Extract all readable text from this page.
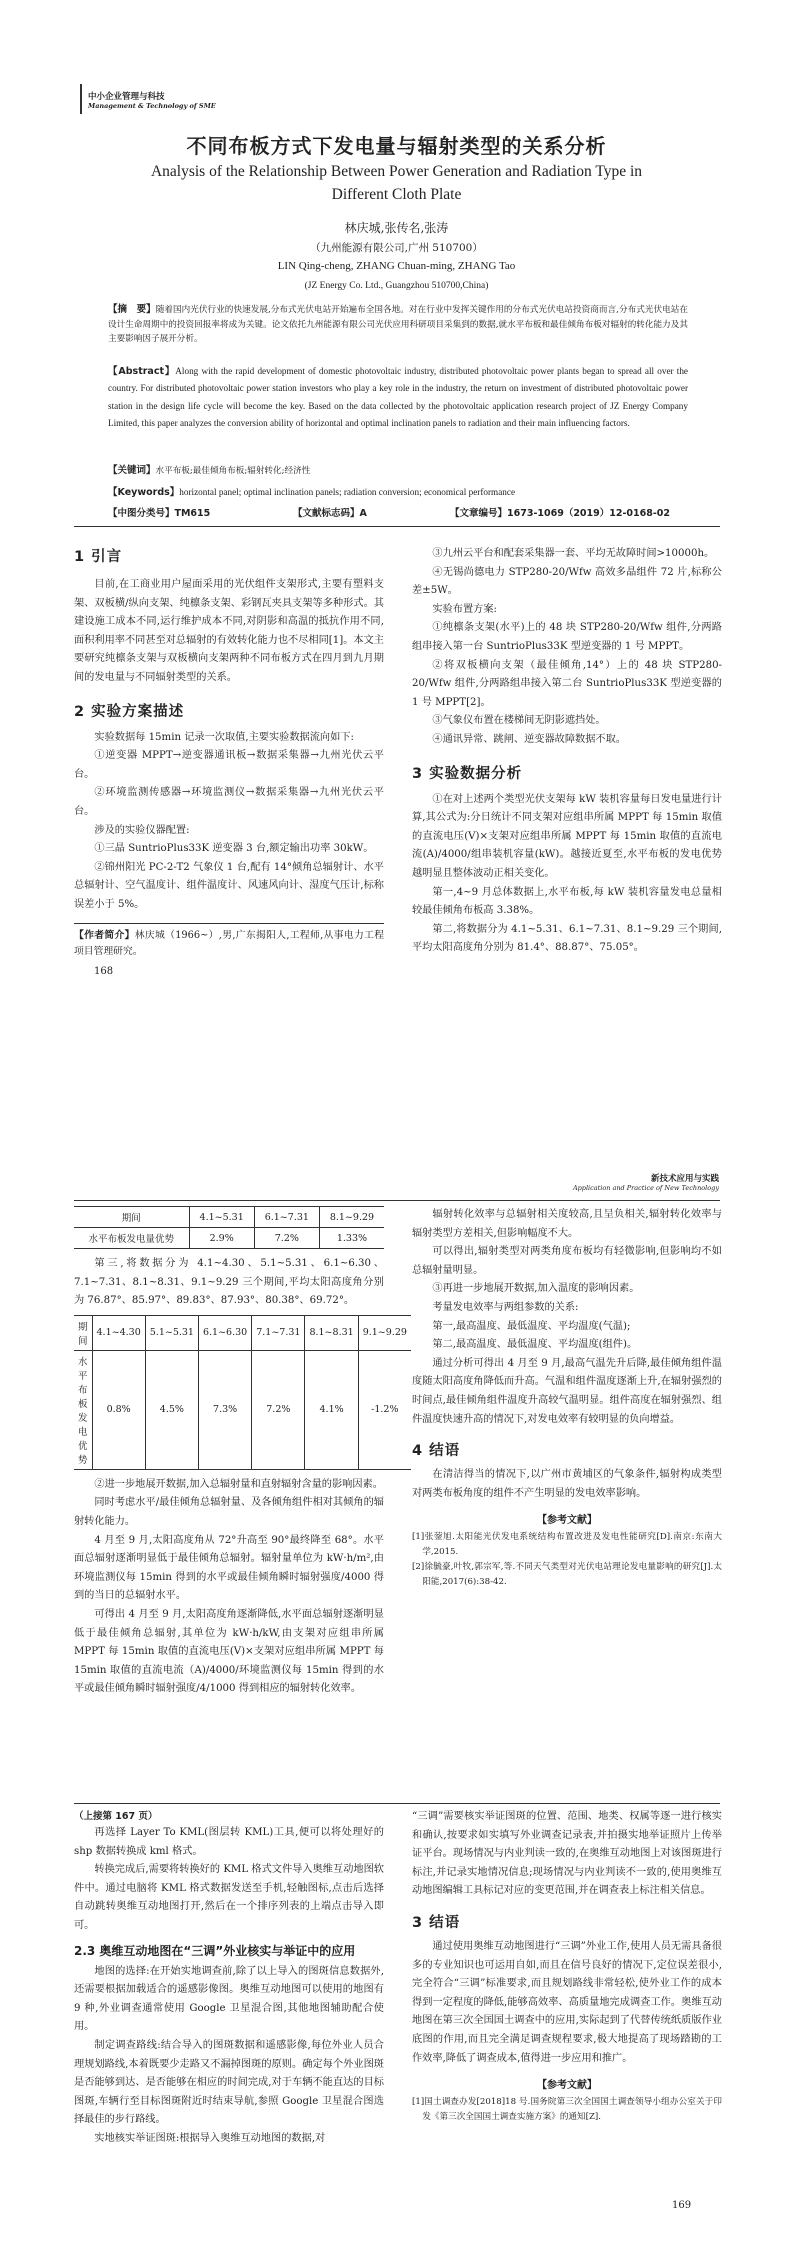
中小企业管理与科技
Management & Technology of SME
不同布板方式下发电量与辐射类型的关系分析
Analysis of the Relationship Between Power Generation and Radiation Type in
Different Cloth Plate
林庆城,张传名,张涛
（九州能源有限公司,广州 510700）
LIN Qing-cheng, ZHANG Chuan-ming, ZHANG Tao
(JZ Energy Co. Ltd., Guangzhou 510700,China)
【摘　要】随着国内光伏行业的快速发展,分布式光伏电站开始遍布全国各地。对在行业中发挥关键作用的分布式光伏电站投资商而言,分布式光伏电站在设计生命周期中的投资回报率将成为关键。论文依托九州能源有限公司光伏应用科研项目采集到的数据,就水平布板和最佳倾角布板对辐射的转化能力及其主要影响因子展开分析。
【Abstract】Along with the rapid development of domestic photovoltaic industry, distributed photovoltaic power plants began to spread all over the country. For distributed photovoltaic power station investors who play a key role in the industry, the return on investment of distributed photovoltaic power station in the design life cycle will become the key. Based on the data collected by the photovoltaic application research project of JZ Energy Company Limited, this paper analyzes the conversion ability of horizontal and optimal inclination panels to radiation and their main influencing factors.
【关键词】水平布板;最佳倾角布板;辐射转化;经济性
【Keywords】horizontal panel; optimal inclination panels; radiation conversion; economical performance
【中图分类号】TM615	【文献标志码】A	【文章编号】1673-1069（2019）12-0168-02
1 引言

目前,在工商业用户屋面采用的光伏组件支架形式,主要有塑料支架、双板横/纵向支架、纯檩条支架、彩钢瓦夹具支架等多种形式。其建设施工成本不同,运行维护成本不同,对阴影和高温的抵抗作用不同,面积利用率不同甚至对总辐射的有效转化能力也不尽相同[1]。本文主要研究纯檩条支架与双板横向支架两种不同布板方式在四月到九月期间的发电量与不同辐射类型的关系。

2 实验方案描述

实验数据每 15min 记录一次取值,主要实验数据流向如下:

①逆变器 MPPT→逆变器通讯板→数据采集器→九州光伏云平台。

②环境监测传感器→环境监测仪→数据采集器→九州光伏云平台。

涉及的实验仪器配置:

①三晶 SuntrioPlus33K 逆变器 3 台,额定输出功率 30kW。

②锦州阳光 PC-2-T2 气象仪 1 台,配有 14°倾角总辐射计、水平总辐射计、空气温度计、组件温度计、风速风向计、湿度气压计,标称误差小于 5%。

【作者简介】林庆城（1966~）,男,广东揭阳人,工程师,从事电力工程项目管理研究。

168

③九州云平台和配套采集器一套、平均无故障时间>10000h。

④无锡尚德电力 STP280-20/Wfw 高效多晶组件 72 片,标称公差±5W。

实验布置方案:

①纯檩条支架(水平)上的 48 块 STP280-20/Wfw 组件,分两路组串接入第一台 SuntrioPlus33K 型逆变器的 1 号 MPPT。

②将双板横向支架（最佳倾角,14°）上的 48 块 STP280-20/Wfw 组件,分两路组串接入第二台 SuntrioPlus33K 型逆变器的 1 号 MPPT[2]。

③气象仪布置在楼梯间无阴影遮挡处。

④通讯异常、跳闸、逆变器故障数据不取。

3 实验数据分析

①在对上述两个类型光伏支架每 kW 装机容量每日发电量进行计算,其公式为:分日统计不同支架对应组串所属 MPPT 每 15min 取值的直流电压(V)×支架对应组串所属 MPPT 每 15min 取值的直流电流(A)/4000/组串装机容量(kW)。越接近夏至,水平布板的发电优势越明显且整体波动正相关变化。

第一,4~9 月总体数据上,水平布板,每 kW 装机容量发电总量相较最佳倾角布板高 3.38%。

第二,将数据分为 4.1~5.31、6.1~7.31、8.1~9.29 三个期间,平均太阳高度角分别为 81.4°、88.87°、75.05°。

新技术应用与实践
Application and Practice of New Technology
期间	4.1~5.31	6.1~7.31	8.1~9.29
水平布板发电量优势	2.9%	7.2%	1.33%

第三,将数据分为 4.1~4.30、5.1~5.31、6.1~6.30、7.1~7.31、8.1~8.31、9.1~9.29 三个期间,平均太阳高度角分别为 76.87°、85.97°、89.83°、87.93°、80.38°、69.72°。

期间	4.1~4.30	5.1~5.31	6.1~6.30	7.1~7.31	8.1~8.31	9.1~9.29
水平布板发电优势	0.8%	4.5%	7.3%	7.2%	4.1%	-1.2%

②进一步地展开数据,加入总辐射量和直射辐射含量的影响因素。

同时考虑水平/最佳倾角总辐射量、及各倾角组件相对其倾角的辐射转化能力。

4 月至 9 月,太阳高度角从 72°升高至 90°最终降至 68°。水平面总辐射逐渐明显低于最佳倾角总辐射。辐射量单位为 kW·h/m²,由环境监测仪每 15min 得到的水平或最佳倾角瞬时辐射强度/4000 得到的当日的总辐射水平。

可得出 4 月至 9 月,太阳高度角逐渐降低,水平面总辐射逐渐明显低于最佳倾角总辐射,其单位为 kW·h/kW,由支架对应组串所属 MPPT 每 15min 取值的直流电压(V)×支架对应组串所属 MPPT 每 15min 取值的直流电流（A)/4000/环境监测仪每 15min 得到的水平或最佳倾角瞬时辐射强度/4/1000 得到相应的辐射转化效率。

辐射转化效率与总辐射相关度较高,且呈负相关,辐射转化效率与辐射类型方差相关,但影响幅度不大。

可以得出,辐射类型对两类角度布板均有轻微影响,但影响均不如总辐射量明显。

③再进一步地展开数据,加入温度的影响因素。

考量发电效率与两组参数的关系:

第一,最高温度、最低温度、平均温度(气温);

第二,最高温度、最低温度、平均温度(组件)。

通过分析可得出 4 月至 9 月,最高气温先升后降,最佳倾角组件温度随太阳高度角降低而升高。气温和组件温度逐渐上升,在辐射强烈的时间点,最佳倾角组件温度升高较气温明显。组件高度在辐射强烈、组件温度快速升高的情况下,对发电效率有较明显的负向增益。

4 结语

在清洁得当的情况下,以广州市黄埔区的气象条件,辐射构成类型对两类布板角度的组件不产生明显的发电效率影响。

【参考文献】

[1]张蓥旭.太阳能光伏发电系统结构布置改进及发电性能研究[D].南京:东南大学,2015.

[2]徐毓豪,叶牧,郭宗军,等.不同天气类型对光伏电站理论发电量影响的研究[J].太阳能,2017(6):38-42.

（上接第 167 页）

再选择 Layer To KML(图层转 KML)工具,便可以将处理好的 shp 数据转换成 kml 格式。

转换完成后,需要将转换好的 KML 格式文件导入奥维互动地图软件中。通过电脑将 KML 格式数据发送至手机,轻触图标,点击后选择自动跳转奥维互动地图打开,然后在一个排序列表的上端点击导入即可。

2.3 奥维互动地图在“三调”外业核实与举证中的应用

地图的选择:在开始实地调查前,除了以上导入的图斑信息数据外,还需要根据加载适合的遥感影像图。奥维互动地图可以使用的地图有 9 种,外业调查通常使用 Google 卫星混合图,其他地图辅助配合使用。

制定调查路线:结合导入的图斑数据和遥感影像,每位外业人员合理规划路线,本着既要少走路又不漏掉图斑的原则。确定每个外业图斑是否能够到达、是否能够在相应的时间完成,对于车辆不能直达的目标图斑,车辆行至目标图斑附近时结束导航,参照 Google 卫星混合图选择最佳的步行路线。

实地核实举证图斑:根据导入奥维互动地图的数据,对

“三调”需要核实举证图斑的位置、范围、地类、权属等逐一进行核实和确认,按要求如实填写外业调查记录表,并拍摄实地举证照片上传举证平台。现场情况与内业判读一致的,在奥维互动地图上对该图斑进行标注,并记录实地情况信息;现场情况与内业判读不一致的,使用奥维互动地图编辑工具标记对应的变更范围,并在调查表上标注相关信息。

3 结语

通过使用奥维互动地图进行“三调”外业工作,使用人员无需具备很多的专业知识也可运用自如,而且在信号良好的情况下,定位误差很小,完全符合“三调”标准要求,而且规划路线非常轻松,使外业工作的成本得到一定程度的降低,能够高效率、高质量地完成调查工作。奥维互动地图在第三次全国国土调查中的应用,实际起到了代替传统纸质版作业底图的作用,而且完全满足调查规程要求,极大地提高了现场踏勘的工作效率,降低了调查成本,值得进一步应用和推广。

【参考文献】

[1]国土调查办发[2018]18 号.国务院第三次全国国土调查领导小组办公室关于印发《第三次全国国土调查实施方案》的通知[Z].

169
